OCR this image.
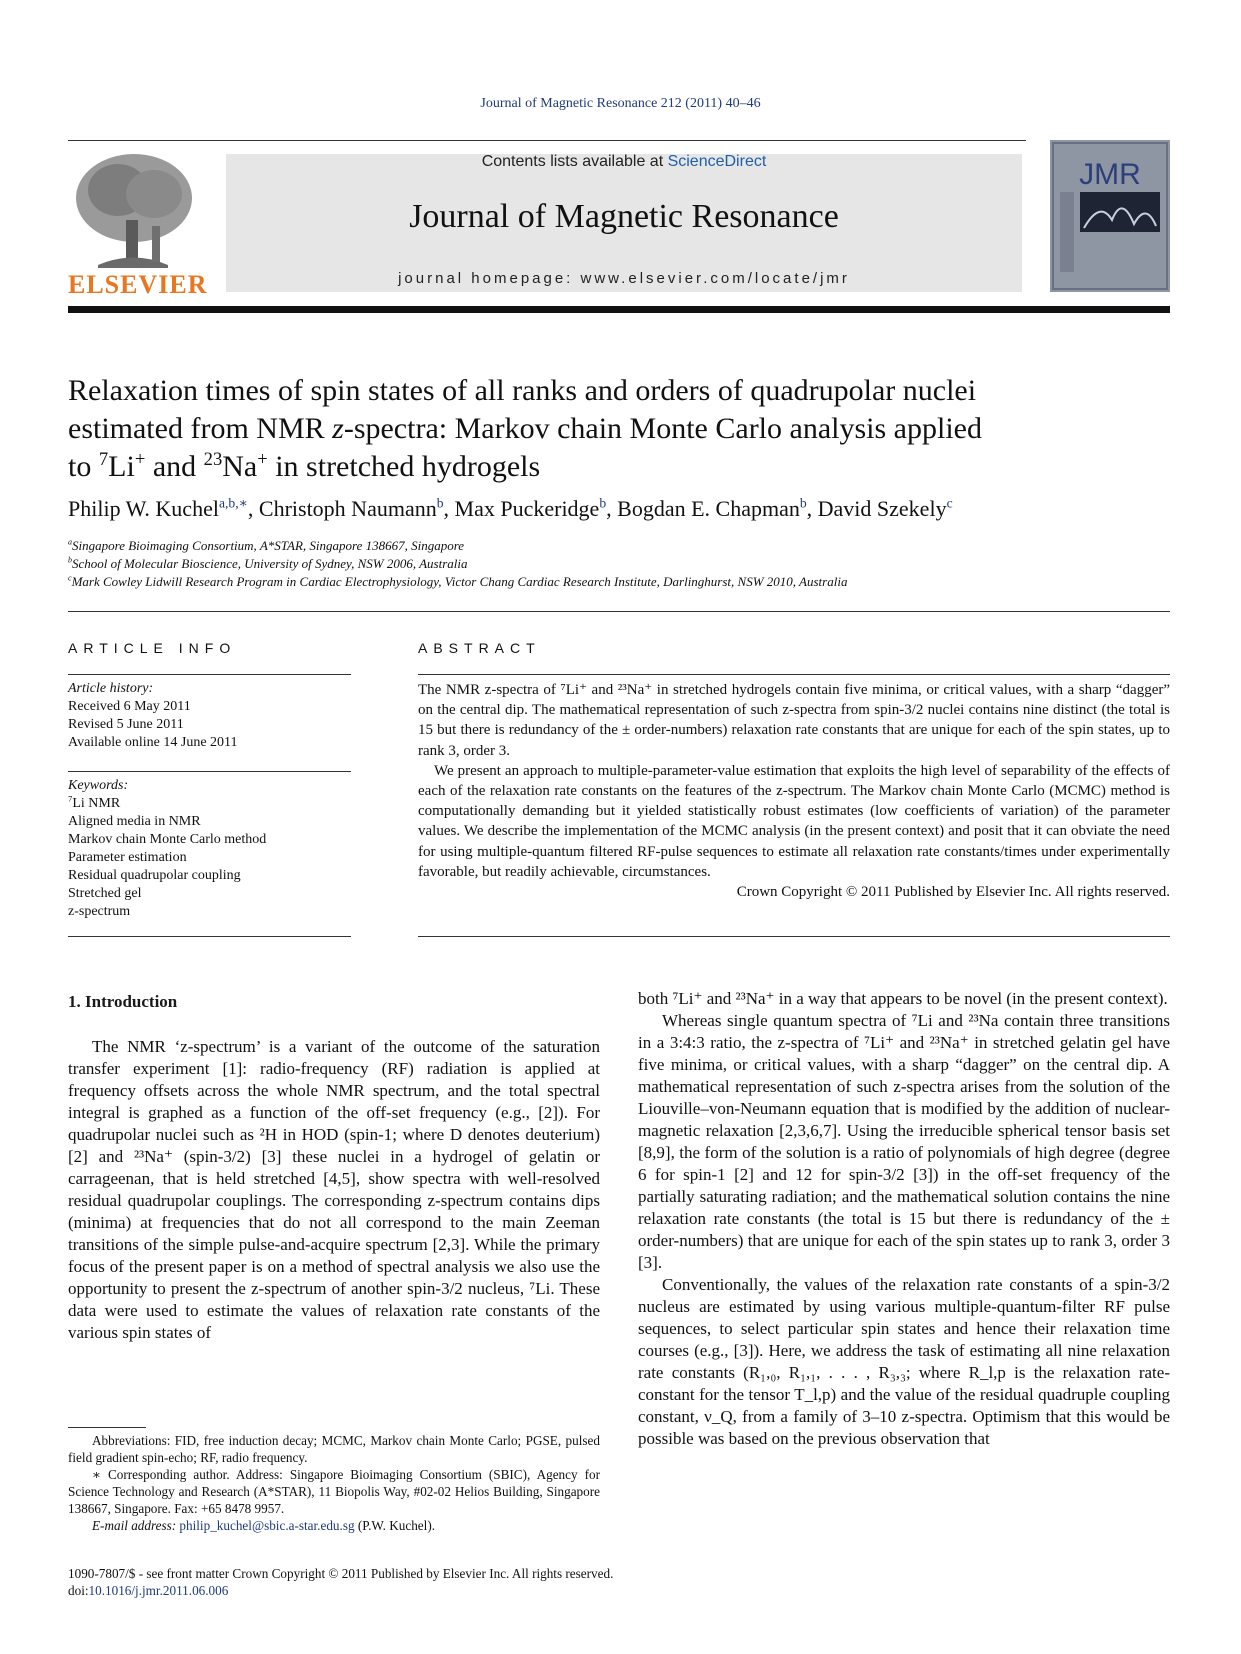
Journal of Magnetic Resonance 212 (2011) 40–46
ELSEVIER
Contents lists available at ScienceDirect
Journal of Magnetic Resonance
journal homepage: www.elsevier.com/locate/jmr
JMR
Relaxation times of spin states of all ranks and orders of quadrupolar nuclei
estimated from NMR z-spectra: Markov chain Monte Carlo analysis applied
to $^7$Li+ and $^{23}$Na+ in stretched hydrogels
Philip W. Kuchel$^{a,b,∗}$, Christoph Naumann$^b$, Max Puckeridge$^b$, Bogdan E. Chapman$^b$, David Szekely$^c$
$^a$Singapore Bioimaging Consortium, A*STAR, Singapore 138667, Singapore
$^b$School of Molecular Bioscience, University of Sydney, NSW 2006, Australia
$^c$Mark Cowley Lidwill Research Program in Cardiac Electrophysiology, Victor Chang Cardiac Research Institute, Darlinghurst, NSW 2010, Australia
ARTICLE INFO
Article history:
Received 6 May 2011
Revised 5 June 2011
Available online 14 June 2011
Keywords:
$^7$Li NMR
Aligned media in NMR
Markov chain Monte Carlo method
Parameter estimation
Residual quadrupolar coupling
Stretched gel
z-spectrum
ABSTRACT

The NMR z-spectra of ⁷Li⁺ and ²³Na⁺ in stretched hydrogels contain five minima, or critical values, with a sharp “dagger” on the central dip. The mathematical representation of such z-spectra from spin-3/2 nuclei contains nine distinct (the total is 15 but there is redundancy of the ± order-numbers) relaxation rate constants that are unique for each of the spin states, up to rank 3, order 3.

We present an approach to multiple-parameter-value estimation that exploits the high level of separability of the effects of each of the relaxation rate constants on the features of the z-spectrum. The Markov chain Monte Carlo (MCMC) method is computationally demanding but it yielded statistically robust estimates (low coefficients of variation) of the parameter values. We describe the implementation of the MCMC analysis (in the present context) and posit that it can obviate the need for using multiple-quantum filtered RF-pulse sequences to estimate all relaxation rate constants/times under experimentally favorable, but readily achievable, circumstances.

Crown Copyright © 2011 Published by Elsevier Inc. All rights reserved.

1. Introduction

The NMR ‘z-spectrum’ is a variant of the outcome of the saturation transfer experiment [1]: radio-frequency (RF) radiation is applied at frequency offsets across the whole NMR spectrum, and the total spectral integral is graphed as a function of the off-set frequency (e.g., [2]). For quadrupolar nuclei such as ²H in HOD (spin-1; where D denotes deuterium) [2] and ²³Na⁺ (spin-3/2) [3] these nuclei in a hydrogel of gelatin or carrageenan, that is held stretched [4,5], show spectra with well-resolved residual quadrupolar couplings. The corresponding z-spectrum contains dips (minima) at frequencies that do not all correspond to the main Zeeman transitions of the simple pulse-and-acquire spectrum [2,3]. While the primary focus of the present paper is on a method of spectral analysis we also use the opportunity to present the z-spectrum of another spin-3/2 nucleus, ⁷Li. These data were used to estimate the values of relaxation rate constants of the various spin states of

both ⁷Li⁺ and ²³Na⁺ in a way that appears to be novel (in the present context).

Whereas single quantum spectra of ⁷Li and ²³Na contain three transitions in a 3:4:3 ratio, the z-spectra of ⁷Li⁺ and ²³Na⁺ in stretched gelatin gel have five minima, or critical values, with a sharp “dagger” on the central dip. A mathematical representation of such z-spectra arises from the solution of the Liouville–von-Neumann equation that is modified by the addition of nuclear-magnetic relaxation [2,3,6,7]. Using the irreducible spherical tensor basis set [8,9], the form of the solution is a ratio of polynomials of high degree (degree 6 for spin-1 [2] and 12 for spin-3/2 [3]) in the off-set frequency of the partially saturating radiation; and the mathematical solution contains the nine relaxation rate constants (the total is 15 but there is redundancy of the ± order-numbers) that are unique for each of the spin states up to rank 3, order 3 [3].

Conventionally, the values of the relaxation rate constants of a spin-3/2 nucleus are estimated by using various multiple-quantum-filter RF pulse sequences, to select particular spin states and hence their relaxation time courses (e.g., [3]). Here, we address the task of estimating all nine relaxation rate constants (R₁,₀, R₁,₁, . . . , R₃,₃; where R_l,p is the relaxation rate-constant for the tensor T_l,p) and the value of the residual quadruple coupling constant, ν_Q, from a family of 3–10 z-spectra. Optimism that this would be possible was based on the previous observation that

Abbreviations: FID, free induction decay; MCMC, Markov chain Monte Carlo; PGSE, pulsed field gradient spin-echo; RF, radio frequency.

∗ Corresponding author. Address: Singapore Bioimaging Consortium (SBIC), Agency for Science Technology and Research (A*STAR), 11 Biopolis Way, #02-02 Helios Building, Singapore 138667, Singapore. Fax: +65 8478 9957.

E-mail address: philip_kuchel@sbic.a-star.edu.sg (P.W. Kuchel).

1090-7807/$ - see front matter Crown Copyright © 2011 Published by Elsevier Inc. All rights reserved.
doi:10.1016/j.jmr.2011.06.006
